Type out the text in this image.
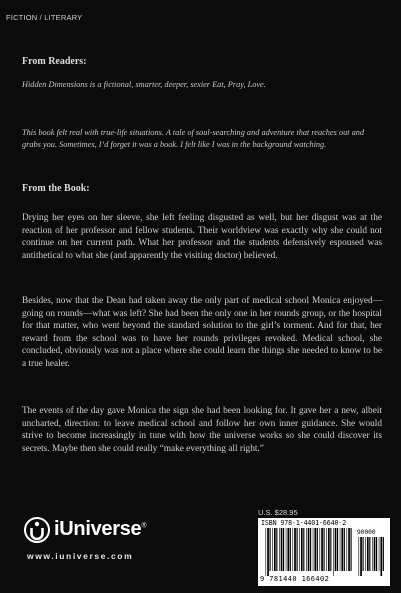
FICTION / LITERARY
From Readers:
Hidden Dimensions is a fictional, smarter, deeper, sexier Eat, Pray, Love.
This book felt real with true-life situations. A tale of soul-searching and adventure that reaches out and grabs you. Sometimes, I’d forget it was a book. I felt like I was in the background watching.
From the Book:
Drying her eyes on her sleeve, she left feeling disgusted as well, but her disgust was at the reaction of her professor and fellow students. Their worldview was exactly why she could not continue on her current path. What her professor and the students defensively espoused was antithetical to what she (and apparently the visiting doctor) believed.
Besides, now that the Dean had taken away the only part of medical school Monica enjoyed—going on rounds—what was left? She had been the only one in her rounds group, or the hospital for that matter, who went beyond the standard solution to the girl’s torment. And for that, her reward from the school was to have her rounds privileges revoked. Medical school, she concluded, obviously was not a place where she could learn the things she needed to know to be a true healer.
The events of the day gave Monica the sign she had been looking for. It gave her a new, albeit uncharted, direction: to leave medical school and follow her own inner guidance. She would strive to become increasingly in tune with how the universe works so she could discover its secrets. Maybe then she could really “make everything all right.”
iUniverse®
www.iuniverse.com
U.S. $28.95
ISBN 978-1-4401-6640-2
90000
9 781440 166402
